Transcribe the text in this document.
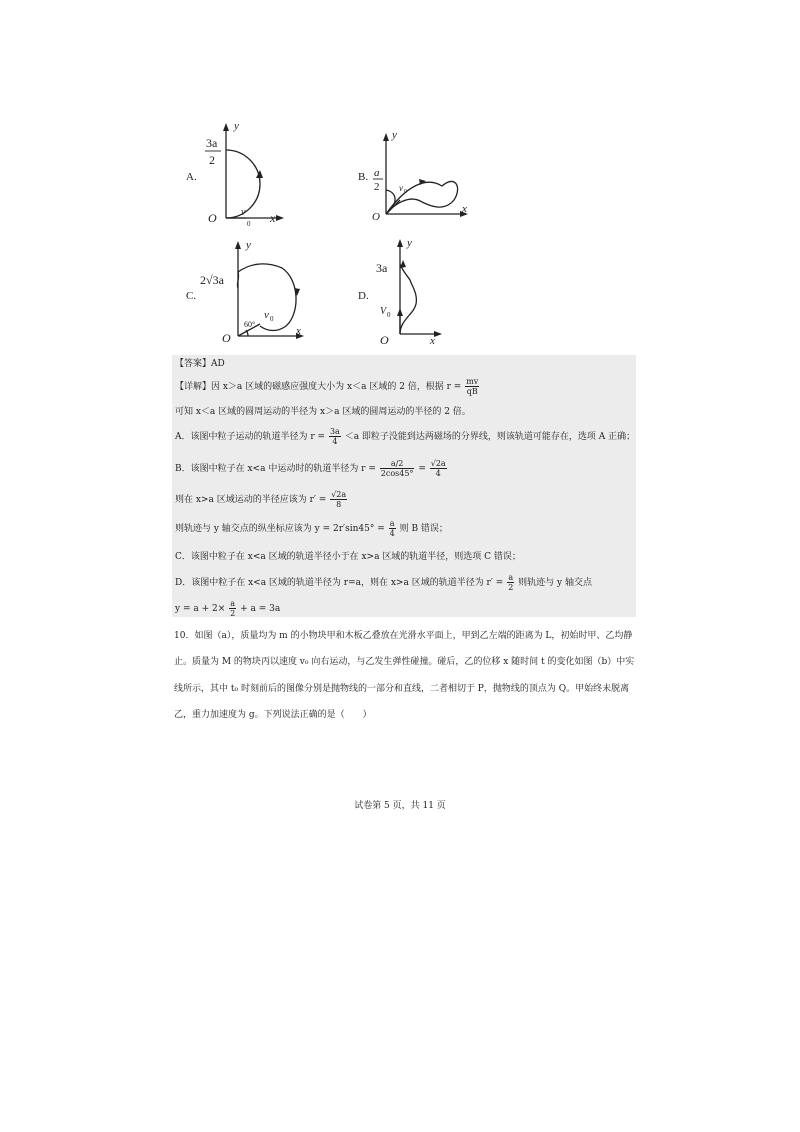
A.
y
3a
2
O v
0 x
B.
y
a
2
O
v 0
x
C.
y
2√3a
60°
v 0
O	x
D.
y
3a
V 0
O	x
【答案】AD
【详解】因 x＞a 区域的磁感应强度大小为 x＜a 区域的 2 倍，根据 $r = \frac{mv}{qB}$
可知 x＜a 区域的圆周运动的半径为 x＞a 区域的圆周运动的半径的 2 倍。
A．该图中粒子运动的轨道半径为 $r = \frac{3a}{4} <a$ 即粒子没能到达两磁场的分界线，则该轨道可能存在，选项 A 正确；
B．该图中粒子在 x<a 中运动时的轨道半径为 $r = \frac{a/2}{2\cos 45^\circ} = \frac{√2a}{4}$
则在 x>a 区域运动的半径应该为 $r' = \frac{√2a}{8}$
则轨迹与 y 轴交点的纵坐标应该为 $y = 2r'\sin 45^\circ = \frac{a}{4}$ 则 B 错误；
C．该图中粒子在 x<a 区域的轨道半径小于在 x>a 区域的轨道半径，则选项 C 错误；
D．该图中粒子在 x<a 区域的轨道半径为 r=a，则在 x>a 区域的轨道半径为 $r' = \frac{a}{2}$ 则轨迹与 y 轴交点
$y = a + 2\times \frac{a}{2} + a = 3a$
10．如图（a），质量均为 m 的小物块甲和木板乙叠放在光滑水平面上，甲到乙左端的距离为 L，初始时甲、乙均静
止。质量为 M 的物块丙以速度 v₀ 向右运动，与乙发生弹性碰撞。碰后，乙的位移 x 随时间 t 的变化如图（b）中实
线所示，其中 t₀ 时刻前后的图像分别是抛物线的一部分和直线，二者相切于 P，抛物线的顶点为 Q。甲始终未脱离
乙，重力加速度为 g。下列说法正确的是（　　）
试卷第 5 页，共 11 页
